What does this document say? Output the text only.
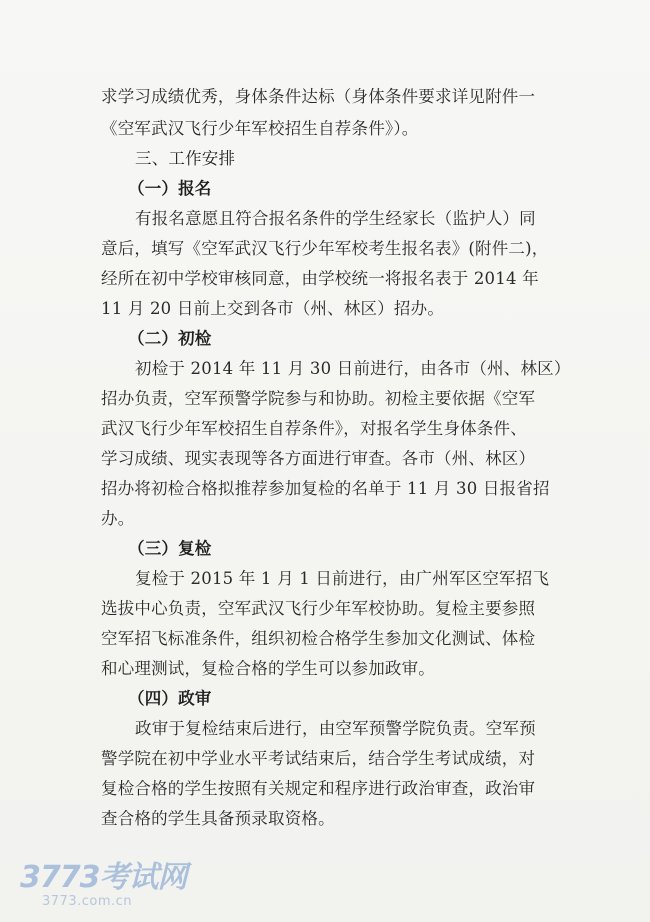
求学习成绩优秀，身体条件达标（身体条件要求详见附件一
《空军武汉飞行少年军校招生自荐条件》）。
三、工作安排
（一）报名
有报名意愿且符合报名条件的学生经家长（监护人）同
意后，填写《空军武汉飞行少年军校考生报名表》(附件二)，
经所在初中学校审核同意，由学校统一将报名表于 2014 年
11 月 20 日前上交到各市（州、林区）招办。
（二）初检
初检于 2014 年 11 月 30 日前进行，由各市（州、林区）
招办负责，空军预警学院参与和协助。初检主要依据《空军
武汉飞行少年军校招生自荐条件》，对报名学生身体条件、
学习成绩、现实表现等各方面进行审查。各市（州、林区）
招办将初检合格拟推荐参加复检的名单于 11 月 30 日报省招
办。
（三）复检
复检于 2015 年 1 月 1 日前进行，由广州军区空军招飞
选拔中心负责，空军武汉飞行少年军校协助。复检主要参照
空军招飞标准条件，组织初检合格学生参加文化测试、体检
和心理测试，复检合格的学生可以参加政审。
（四）政审
政审于复检结束后进行，由空军预警学院负责。空军预
警学院在初中学业水平考试结束后，结合学生考试成绩，对
复检合格的学生按照有关规定和程序进行政治审查，政治审
查合格的学生具备预录取资格。
3773考试网
3773.com.cn
